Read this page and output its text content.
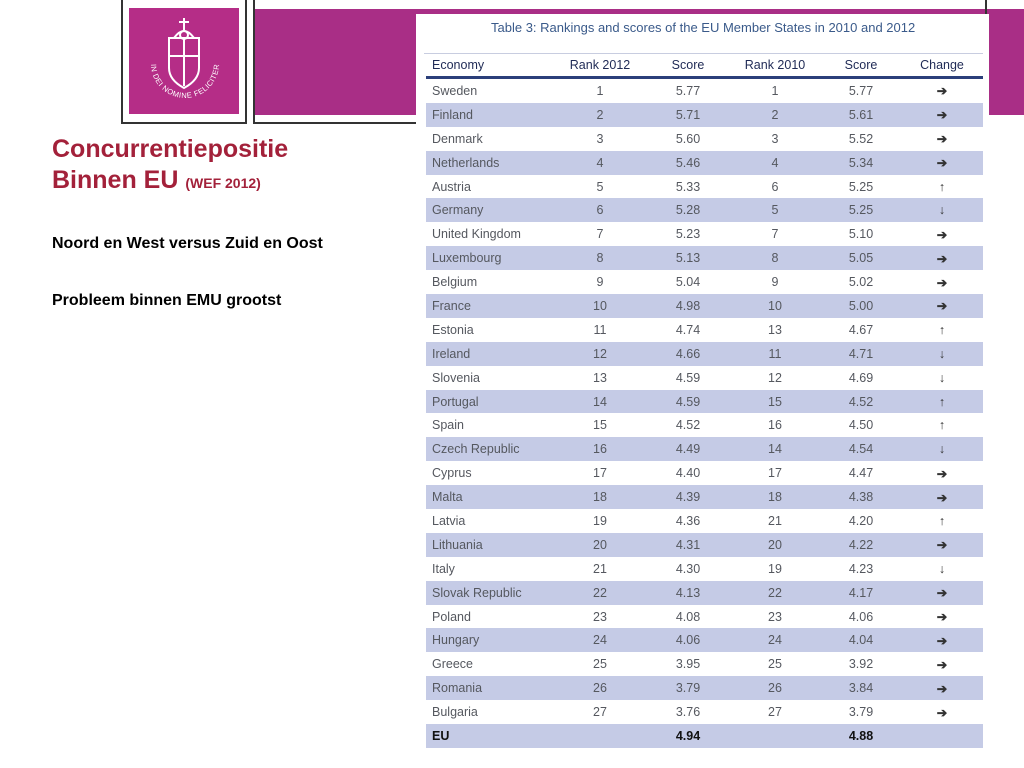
IN DEI NOMINE FELICITER
Concurrentiepositie
Binnen EU (WEF 2012)
Noord en West versus Zuid en Oost
Probleem binnen EMU grootst
Table 3: Rankings and scores of the EU Member States in 2010 and 2012
Economy	Rank 2012	Score	Rank 2010	Score	Change
Sweden	1	5.77	1	5.77	➔
Finland	2	5.71	2	5.61	➔
Denmark	3	5.60	3	5.52	➔
Netherlands	4	5.46	4	5.34	➔
Austria	5	5.33	6	5.25	↑
Germany	6	5.28	5	5.25	↓
United Kingdom	7	5.23	7	5.10	➔
Luxembourg	8	5.13	8	5.05	➔
Belgium	9	5.04	9	5.02	➔
France	10	4.98	10	5.00	➔
Estonia	11	4.74	13	4.67	↑
Ireland	12	4.66	11	4.71	↓
Slovenia	13	4.59	12	4.69	↓
Portugal	14	4.59	15	4.52	↑
Spain	15	4.52	16	4.50	↑
Czech Republic	16	4.49	14	4.54	↓
Cyprus	17	4.40	17	4.47	➔
Malta	18	4.39	18	4.38	➔
Latvia	19	4.36	21	4.20	↑
Lithuania	20	4.31	20	4.22	➔
Italy	21	4.30	19	4.23	↓
Slovak Republic	22	4.13	22	4.17	➔
Poland	23	4.08	23	4.06	➔
Hungary	24	4.06	24	4.04	➔
Greece	25	3.95	25	3.92	➔
Romania	26	3.79	26	3.84	➔
Bulgaria	27	3.76	27	3.79	➔
EU		4.94		4.88	
